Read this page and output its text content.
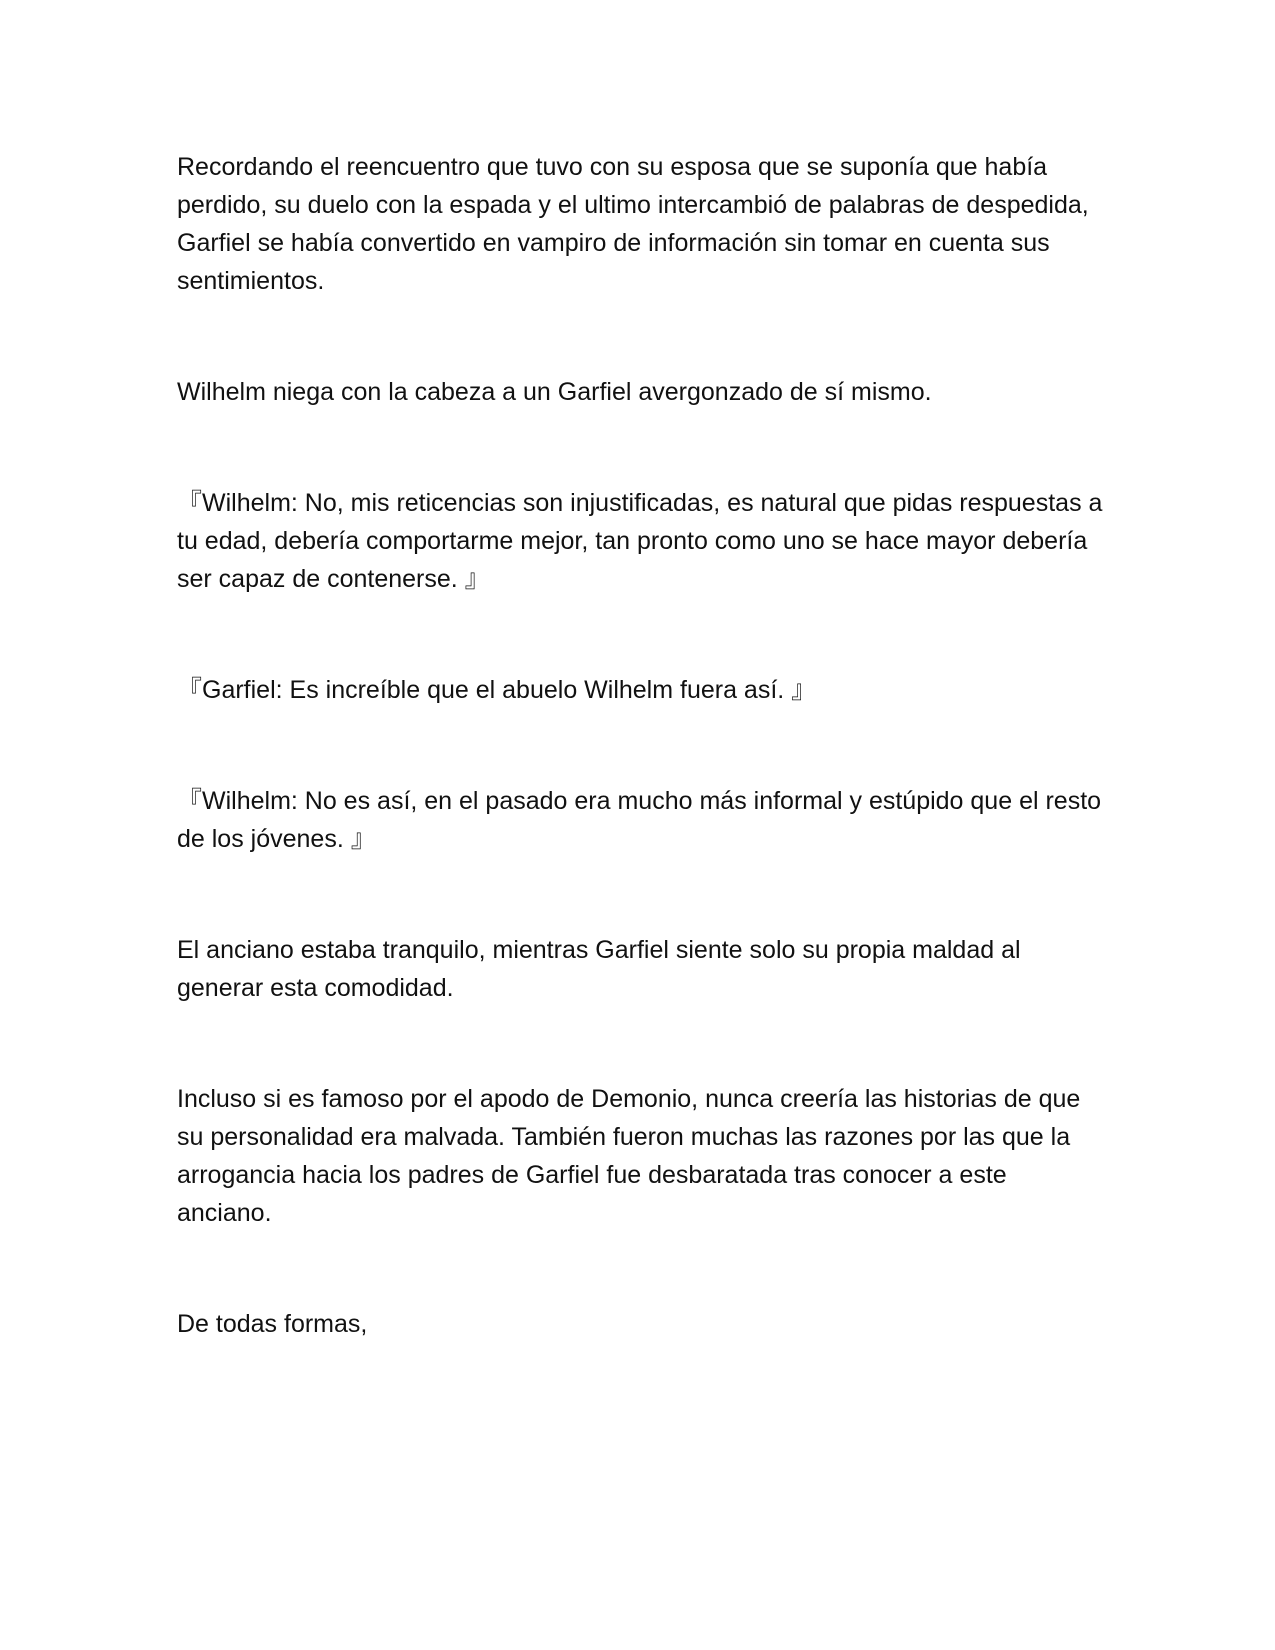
Recordando el reencuentro que tuvo con su esposa que se suponía que había perdido, su duelo con la espada y el ultimo intercambió de palabras de despedida, Garfiel se había convertido en vampiro de información sin tomar en cuenta sus sentimientos.

Wilhelm niega con la cabeza a un Garfiel avergonzado de sí mismo.

『Wilhelm: No, mis reticencias son injustificadas, es natural que pidas respuestas a tu edad, debería comportarme mejor, tan pronto como uno se hace mayor debería ser capaz de contenerse. 』

『Garfiel: Es increíble que el abuelo Wilhelm fuera así. 』

『Wilhelm: No es así, en el pasado era mucho más informal y estúpido que el resto de los jóvenes. 』

El anciano estaba tranquilo, mientras Garfiel siente solo su propia maldad al generar esta comodidad.

Incluso si es famoso por el apodo de Demonio, nunca creería las historias de que su personalidad era malvada. También fueron muchas las razones por las que la arrogancia hacia los padres de Garfiel fue desbaratada tras conocer a este anciano.

De todas formas,
